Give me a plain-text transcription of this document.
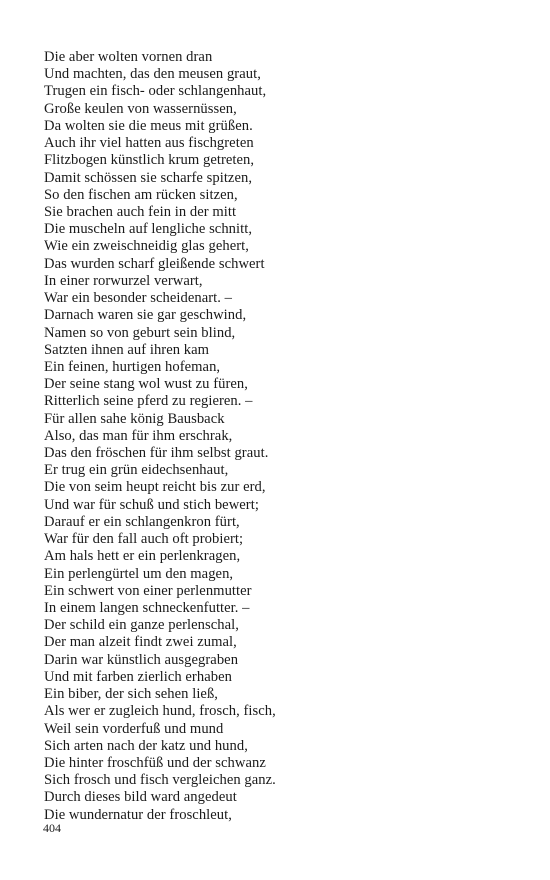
Die aber wolten vornen dran
Und machten, das den meusen graut,
Trugen ein fisch- oder schlangenhaut,
Große keulen von wassernüssen,
Da wolten sie die meus mit grüßen.
Auch ihr viel hatten aus fischgreten
Flitzbogen künstlich krum getreten,
Damit schössen sie scharfe spitzen,
So den fischen am rücken sitzen,
Sie brachen auch fein in der mitt
Die muscheln auf lengliche schnitt,
Wie ein zweischneidig glas gehert,
Das wurden scharf gleißende schwert
In einer rorwurzel verwart,
War ein besonder scheidenart. –
Darnach waren sie gar geschwind,
Namen so von geburt sein blind,
Satzten ihnen auf ihren kam
Ein feinen, hurtigen hofeman,
Der seine stang wol wust zu füren,
Ritterlich seine pferd zu regieren. –
Für allen sahe könig Bausback
Also, das man für ihm erschrak,
Das den fröschen für ihm selbst graut.
Er trug ein grün eidechsenhaut,
Die von seim heupt reicht bis zur erd,
Und war für schuß und stich bewert;
Darauf er ein schlangenkron fürt,
War für den fall auch oft probiert;
Am hals hett er ein perlenkragen,
Ein perlengürtel um den magen,
Ein schwert von einer perlenmutter
In einem langen schneckenfutter. –
Der schild ein ganze perlenschal,
Der man alzeit findt zwei zumal,
Darin war künstlich ausgegraben
Und mit farben zierlich erhaben
Ein biber, der sich sehen ließ,
Als wer er zugleich hund, frosch, fisch,
Weil sein vorderfuß und mund
Sich arten nach der katz und hund,
Die hinter froschfüß und der schwanz
Sich frosch und fisch vergleichen ganz.
Durch dieses bild ward angedeut
Die wundernatur der froschleut,
404
